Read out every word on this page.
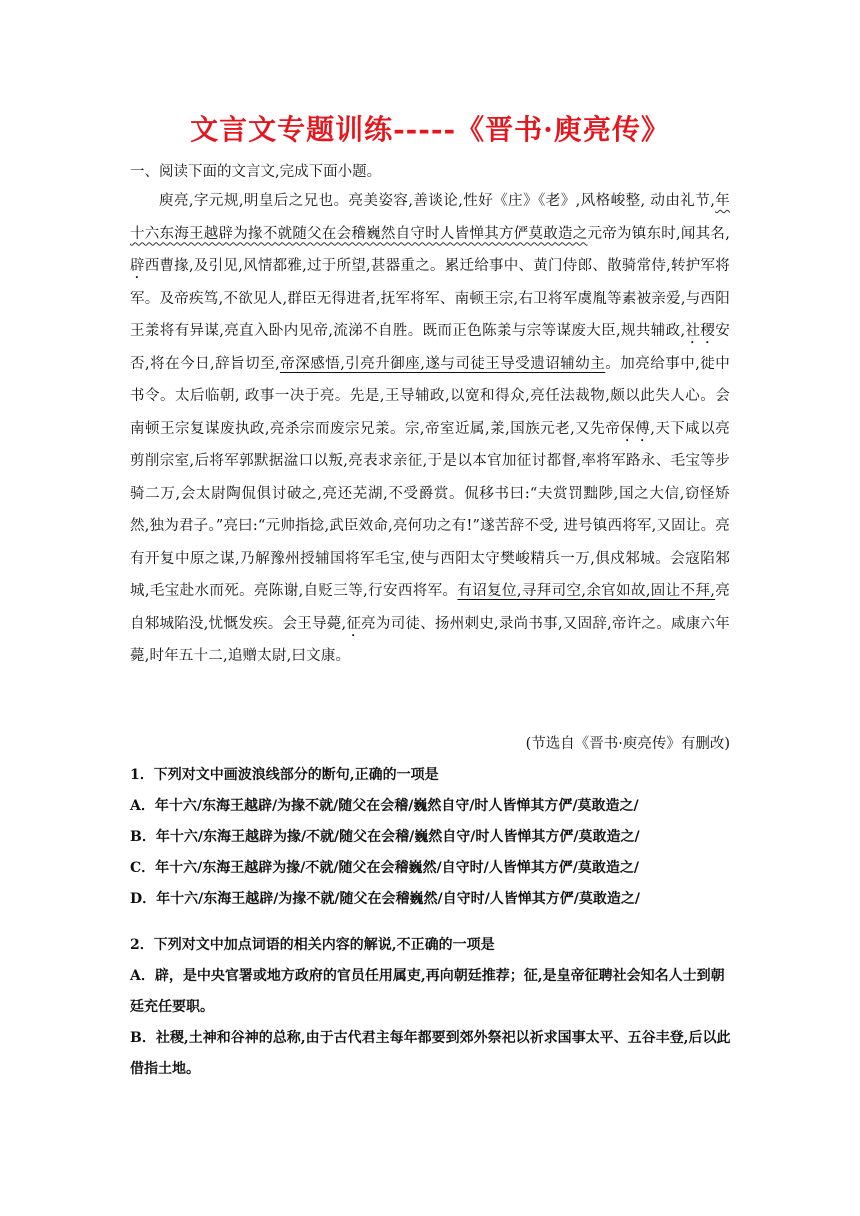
文言文专题训练-----《晋书·庾亮传》
一、阅读下面的文言文,完成下面小题。

庾亮,字元规,明皇后之兄也。亮美姿容,善谈论,性好《庄》《老》,风格峻整, 动由礼节,年十六东海王越辟为掾不就随父在会稽巍然自守时人皆惮其方俨莫敢造之元帝为镇东时,闻其名,辟西曹掾,及引见,风情都雅,过于所望,甚器重之。累迁给事中、黄门侍郎、散骑常侍,转护军将军。及帝疾笃,不欲见人,群臣无得进者,抚军将军、南顿王宗,右卫将军虞胤等素被亲爱,与西阳王羕将有异谋,亮直入卧内见帝,流涕不自胜。既而正色陈羕与宗等谋废大臣,规共辅政,社稷安否,将在今日,辞旨切至,帝深感悟,引亮升御座,遂与司徒王导受遗诏辅幼主。加亮给事中,徙中书令。太后临朝, 政事一决于亮。先是,王导辅政,以宽和得众,亮任法裁物,颇以此失人心。会南顿王宗复谋废执政,亮杀宗而废宗兄羕。宗,帝室近属,羕,国族元老,又先帝保傅,天下咸以亮剪削宗室,后将军郭默据湓口以叛,亮表求亲征,于是以本官加征讨都督,率将军路永、毛宝等步骑二万,会太尉陶侃俱讨破之,亮还芜湖,不受爵赏。侃移书曰:“夫赏罚黜陟,国之大信,窃怪矫然,独为君子。”亮曰:“元帅指捻,武臣效命,亮何功之有!”遂苦辞不受, 进号镇西将军,又固让。亮有开复中原之谋,乃解豫州授辅国将军毛宝,使与西阳太守樊峻精兵一万,俱戍邾城。会寇陷邾城,毛宝赴水而死。亮陈谢,自贬三等,行安西将军。有诏复位,寻拜司空,余官如故,固让不拜,亮自邾城陷没,忧慨发疾。会王导薨,征亮为司徒、扬州刺史,录尚书事,又固辞,帝许之。咸康六年薨,时年五十二,追赠太尉,曰文康。

(节选自《晋书·庾亮传》有删改)
1．下列对文中画波浪线部分的断句,正确的一项是
A．年十六/东海王越辟/为掾不就/随父在会稽/巍然自守/时人皆惮其方俨/莫敢造之/
B．年十六/东海王越辟为掾/不就/随父在会稽/巍然自守/时人皆惮其方俨/莫敢造之/
C．年十六/东海王越辟为掾/不就/随父在会稽巍然/自守时/人皆惮其方俨/莫敢造之/
D．年十六/东海王越辟/为掾不就/随父在会稽巍然/自守时/人皆惮其方俨/莫敢造之/
2．下列对文中加点词语的相关内容的解说,不正确的一项是
A．辟，是中央官署或地方政府的官员任用属吏,再向朝廷推荐；征,是皇帝征聘社会知名人士到朝廷充任要职。
B．社稷,土神和谷神的总称,由于古代君主每年都要到郊外祭祀以祈求国事太平、五谷丰登,后以此借指土地。
